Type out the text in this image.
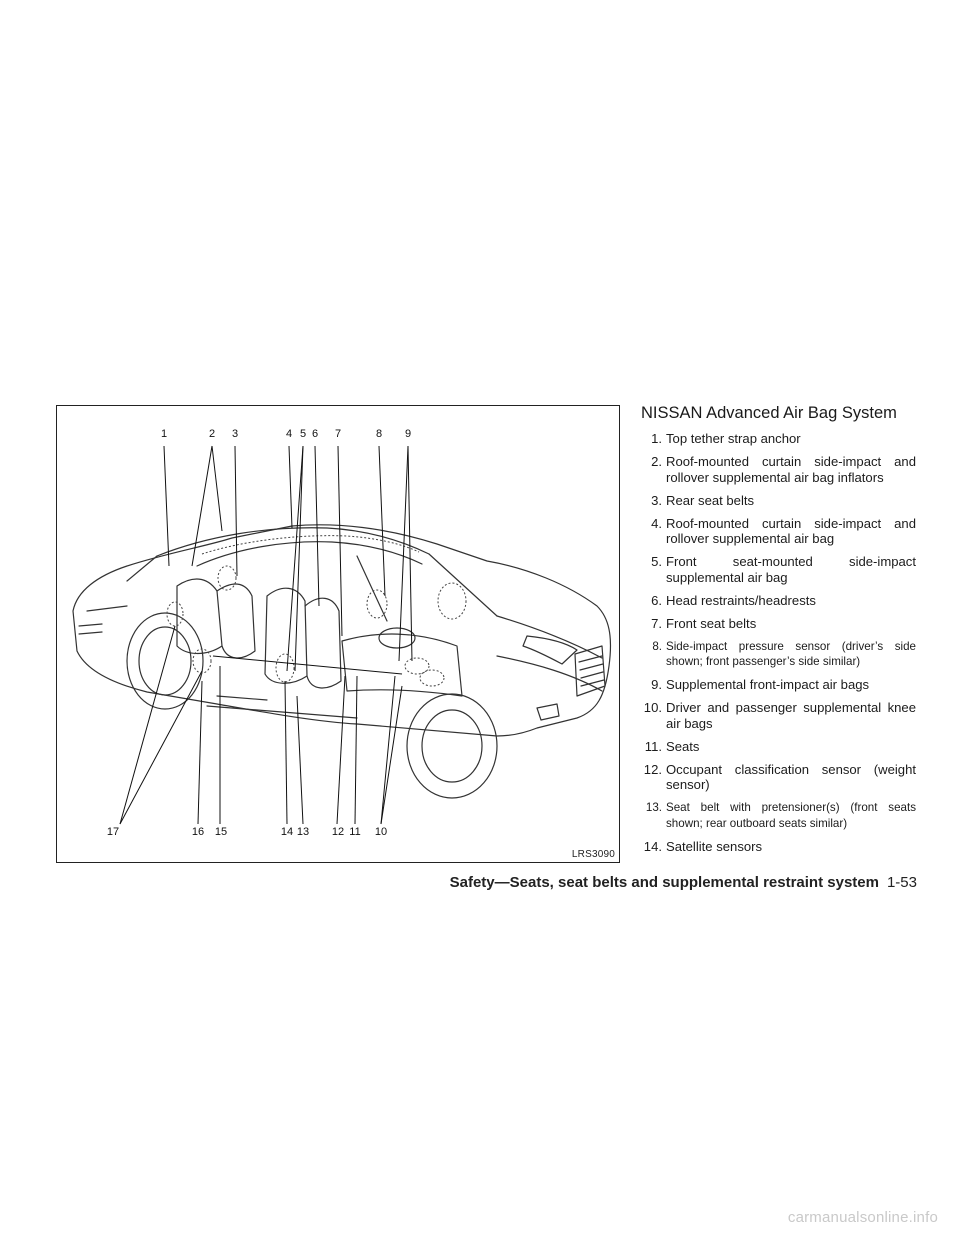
1	2 3	4 5 6 7	8 9
17	16 15	14 13 12 11 10
LRS3090
NISSAN Advanced Air Bag System
1. Top tether strap anchor
2. Roof-mounted curtain side-impact and rollover supplemental air bag inflators
3. Rear seat belts
4. Roof-mounted curtain side-impact and rollover supplemental air bag
5. Front seat-mounted side-impact supplemental air bag
6. Head restraints/headrests
7. Front seat belts
8. Side-impact pressure sensor (driver’s side shown; front passenger’s side similar)
9. Supplemental front-impact air bags
10. Driver and passenger supplemental knee air bags
11. Seats
12. Occupant classification sensor (weight sensor)
13. Seat belt with pretensioner(s) (front seats shown; rear outboard seats similar)
14. Satellite sensors
Safety—Seats, seat belts and supplemental restraint system 1-53
carmanualsonline.info
